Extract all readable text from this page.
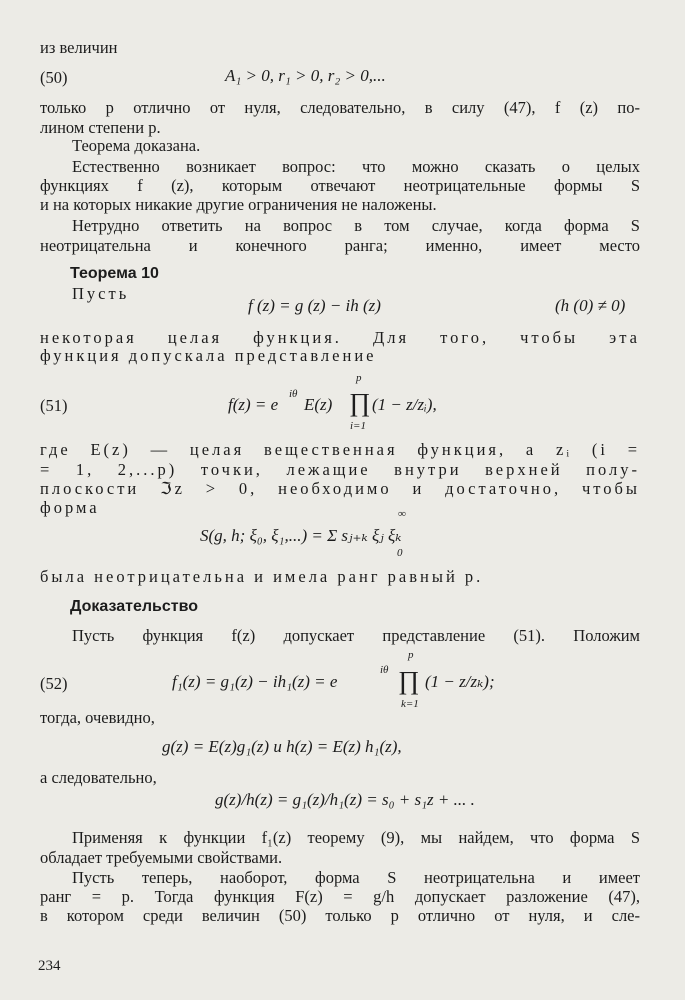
из величин
(50)	A₁ > 0, r₁ > 0, r₂ > 0,...
только p отлично от нуля, следовательно, в силу (47), f (z) по-
лином степени p.
Теорема доказана.
Естественно возникает вопрос: что можно сказать о целых
функциях f (z), которым отвечают неотрицательные формы S
и на которых никакие другие ограничения не наложены.
Нетрудно ответить на вопрос в том случае, когда форма S
неотрицательна и конечного ранга; именно, имеет место
Теорема 10
Пусть
f (z) = g (z) − ih (z)	(h (0) ≠ 0)
некоторая целая функция. Для того, чтобы эта
функция допускала представление
(51)	f(z) = e
iθ
E(z)
p
∏
i=1
(1 − z/zᵢ),
где E(z) — целая вещественная функция, а zᵢ (i =
= 1, 2,...p) точки, лежащие внутри верхней полу-
плоскости ℑz > 0, необходимо и достаточно, чтобы
форма	∞
S(g, h; ξ₀, ξ₁,...) = Σ sⱼ₊ₖ ξⱼ ξₖ
0
была неотрицательна и имела ранг равный p.
Доказательство
Пусть функция f(z) допускает представление (51). Положим
(52)	f₁(z) = g₁(z) − ih₁(z) = e
iθ
p
∏
k=1
(1 − z/zₖ);
тогда, очевидно,
g(z) = E(z)g₁(z) и h(z) = E(z) h₁(z),
а следовательно,
g(z)/h(z) = g₁(z)/h₁(z) = s₀ + s₁z + ... .
Применяя к функции f₁(z) теорему (9), мы найдем, что форма S
обладает требуемыми свойствами.
Пусть теперь, наоборот, форма S неотрицательна и имеет
ранг = p. Тогда функция F(z) = g/h допускает разложение (47),
в котором среди величин (50) только p отлично от нуля, и сле-
234
